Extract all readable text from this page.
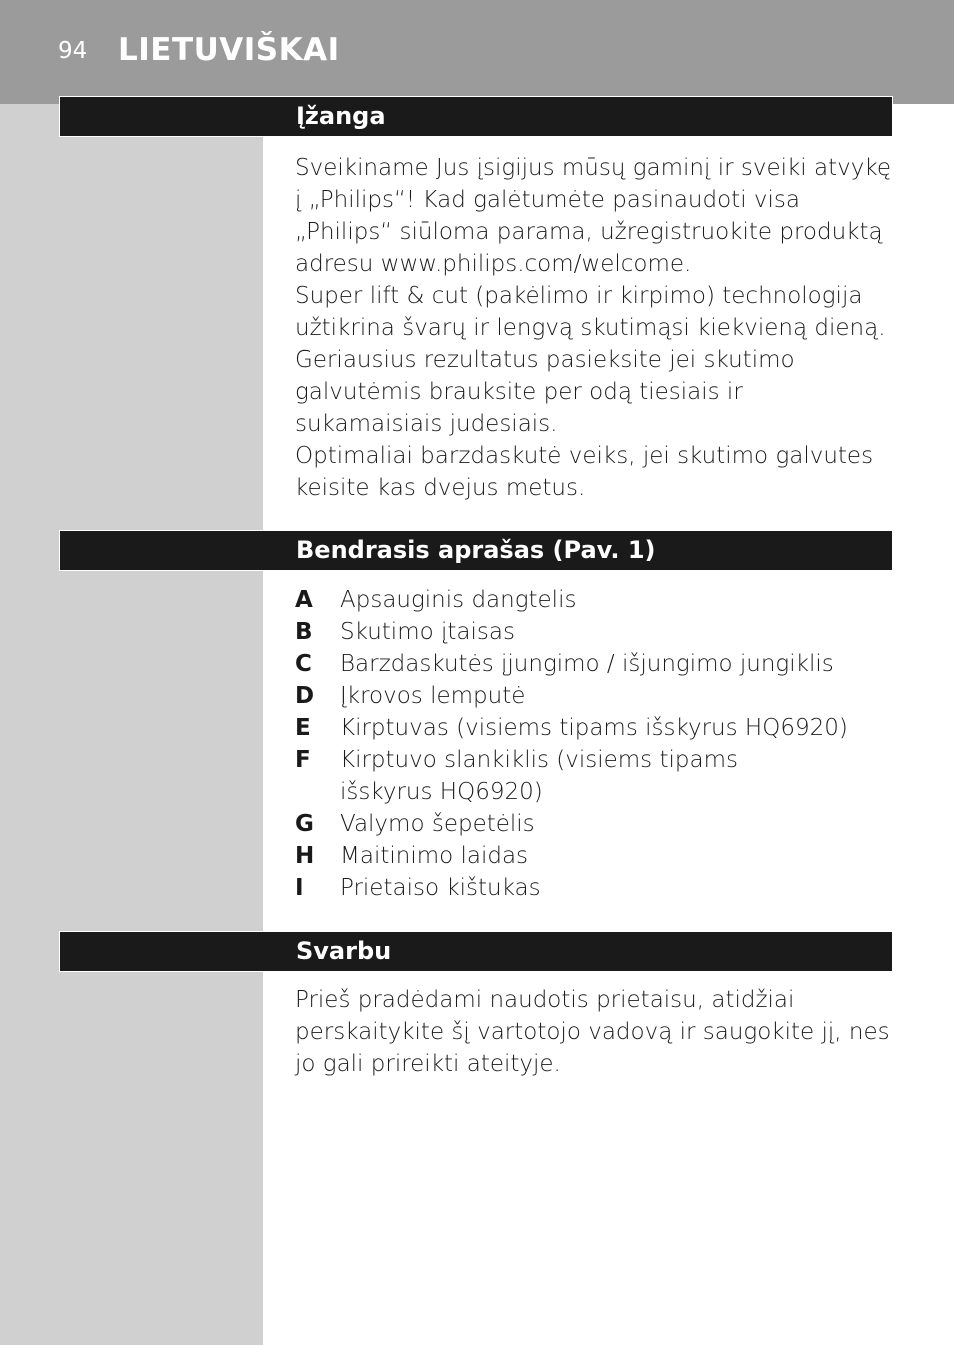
94 LIETUVIŠKAI
Įžanga

Sveikiname Jus įsigijus mūsų gaminį ir sveiki atvykę į „Philips“! Kad galėtumėte pasinaudoti visa „Philips“ siūloma parama, užregistruokite produktą adresu www.philips.com/welcome.

Super lift & cut (pakėlimo ir kirpimo) technologija užtikrina švarų ir lengvą skutimąsi kiekvieną dieną. Geriausius rezultatus pasieksite jei skutimo galvutėmis brauksite per odą tiesiais ir sukamaisiais judesiais.

Optimaliai barzdaskutė veiks, jei skutimo galvutes keisite kas dvejus metus.

Bendrasis aprašas (Pav. 1)
A	Apsauginis dangtelis
B	Skutimo įtaisas
C	Barzdaskutės įjungimo / išjungimo jungiklis
D	Įkrovos lemputė
E	Kirptuvas (visiems tipams išskyrus HQ6920)
F	Kirptuvo slankiklis (visiems tipams išskyrus HQ6920)
G	Valymo šepetėlis
H	Maitinimo laidas
I	Prietaiso kištukas
Svarbu

Prieš pradėdami naudotis prietaisu, atidžiai perskaitykite šį vartotojo vadovą ir saugokite jį, nes jo gali prireikti ateityje.
